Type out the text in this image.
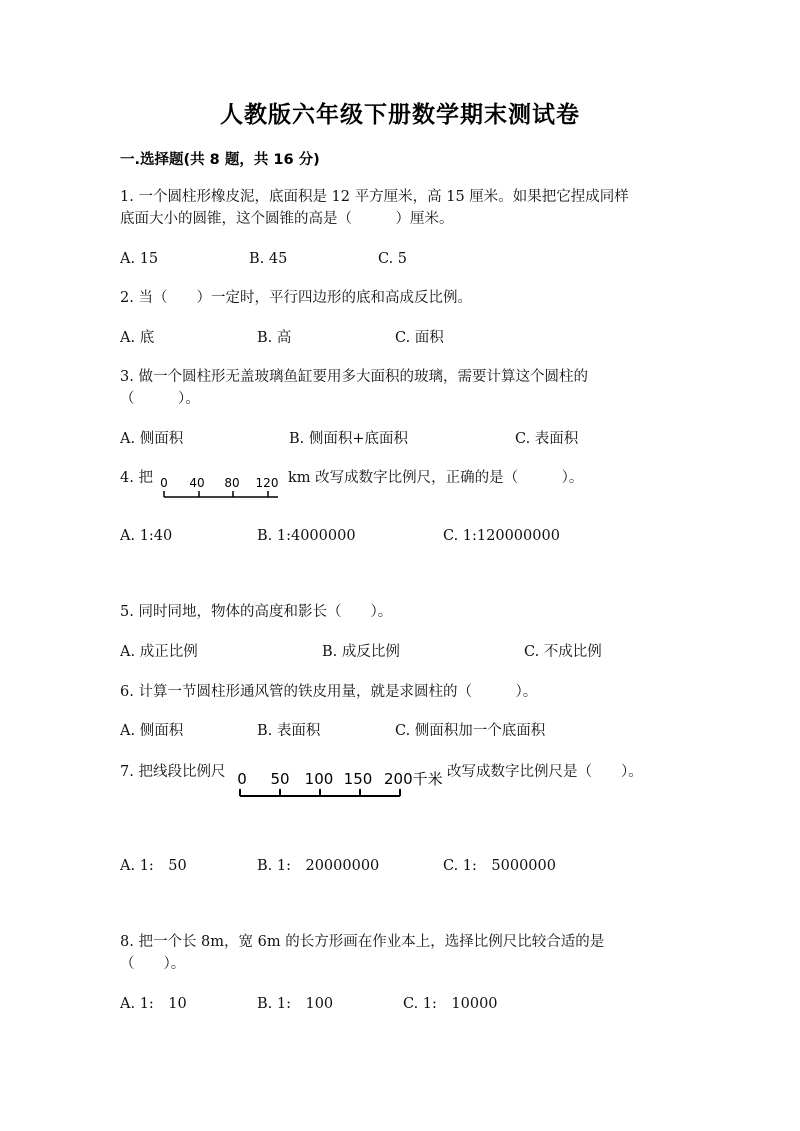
人教版六年级下册数学期末测试卷
一.选择题(共 8 题，共 16 分)
1. 一个圆柱形橡皮泥，底面积是 12 平方厘米，高 15 厘米。如果把它捏成同样
底面大小的圆锥，这个圆锥的高是（　　　）厘米。
A. 15	B. 45	C. 5
2. 当（　　）一定时，平行四边形的底和高成反比例。
A. 底	B. 高	C. 面积
3. 做一个圆柱形无盖玻璃鱼缸要用多大面积的玻璃，需要计算这个圆柱的
（　　　）。
A. 侧面积	B. 侧面积+底面积	C. 表面积
4. 把 0 40 80 120 km 改写成数字比例尺，正确的是（　　　）。
A. 1:40	B. 1:4000000	C. 1:120000000
5. 同时同地，物体的高度和影长（　　）。
A. 成正比例	B. 成反比例	C. 不成比例
6. 计算一节圆柱形通风管的铁皮用量，就是求圆柱的（　　　）。
A. 侧面积	B. 表面积	C. 侧面积加一个底面积
7. 把线段比例尺 0 50 100 150 200千米 改写成数字比例尺是（　　）。
A. 1:　50	B. 1:　20000000	C. 1:　5000000
8. 把一个长 8m，宽 6m 的长方形画在作业本上，选择比例尺比较合适的是
（　　）。
A. 1:　10	B. 1:　100	C. 1:　10000
